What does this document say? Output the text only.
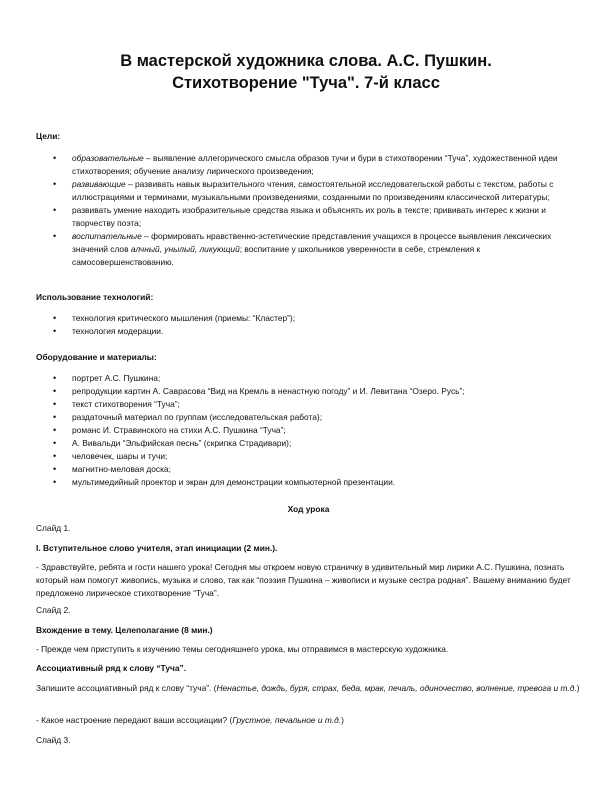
В мастерской художника слова. А.С. Пушкин.
Стихотворение "Туча". 7-й класс

Цели:

• образовательные – выявление аллегорического смысла образов тучи и бури в стихотворении “Туча”, художественной идеи стихотворения; обучение анализу лирического произведения;
• развивающие – развивать навык выразительного чтения, самостоятельной исследовательской работы с текстом, работы с иллюстрациями и терминами, музыкальными произведениями, созданными по произведениям классической литературы;
• развивать умение находить изобразительные средства языка и объяснять их роль в тексте; прививать интерес к жизни и творчеству поэта;
• воспитательные – формировать нравственно-эстетические представления учащихся в процессе выявления лексических значений слов алчный, унылый, ликующий; воспитание у школьников уверенности в себе, стремления к самосовершенствованию.

Использование технологий:

• технология критического мышления (приемы: “Кластер”);
• технология модерации.

Оборудование и материалы:

• портрет А.С. Пушкина;
• репродукции картин А. Саврасова “Вид на Кремль в ненастную погоду” и И. Левитана “Озеро. Русь”;
• текст стихотворения “Туча”;
• раздаточный материал по группам (исследовательская работа);
• романс И. Стравинского на стихи А.С. Пушкина “Туча”;
• А. Вивальди “Эльфийская песнь” (скрипка Страдивари);
• человечек, шары и тучи;
• магнитно-меловая доска;
• мультимедийный проектор и экран для демонстрации компьютерной презентации.

Ход урока

Слайд 1.

I. Вступительное слово учителя, этап инициации (2 мин.).

- Здравствуйте, ребята и гости нашего урока! Сегодня мы откроем новую страничку в удивительный мир лирики А.С. Пушкина, познать который нам помогут живопись, музыка и слово, так как “поэзия Пушкина – живописи и музыке сестра родная”. Вашему вниманию будет предложено лирическое стихотворение “Туча”.

Слайд 2.

Вхождение в тему. Целеполагание (8 мин.)

- Прежде чем приступить к изучению темы сегодняшнего урока, мы отправимся в мастерскую художника.

Ассоциативный ряд к слову “Туча”.

Запишите ассоциативный ряд к слову “туча”. (Ненастье, дождь, буря, страх, беда, мрак, печаль, одиночество, волнение, тревога и т.д.)

- Какое настроение передают ваши ассоциации? (Грустное, печальное и т.д.)

Слайд 3.
